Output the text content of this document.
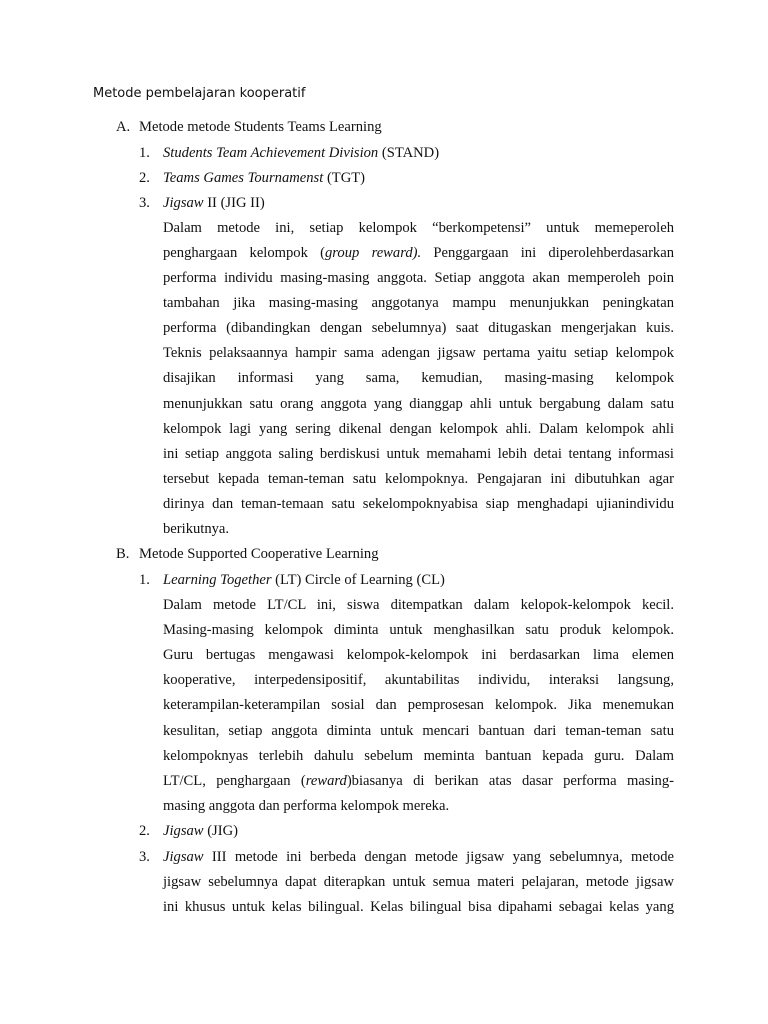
Metode pembelajaran kooperatif
A. Metode metode Students Teams Learning
1. Students Team Achievement Division (STAND)
2. Teams Games Tournamenst (TGT)
3. Jigsaw II (JIG II)
Dalam metode ini, setiap kelompok “berkompetensi” untuk memeperoleh
penghargaan kelompok (group reward). Penggargaan ini diperolehberdasarkan
performa individu masing-masing anggota. Setiap anggota akan memperoleh poin
tambahan jika masing-masing anggotanya mampu menunjukkan peningkatan
performa (dibandingkan dengan sebelumnya) saat ditugaskan mengerjakan kuis.
Teknis pelaksaannya hampir sama adengan jigsaw pertama yaitu setiap kelompok
disajikan informasi yang sama, kemudian, masing-masing kelompok
menunjukkan satu orang anggota yang dianggap ahli untuk bergabung dalam satu
kelompok lagi yang sering dikenal dengan kelompok ahli. Dalam kelompok ahli
ini setiap anggota saling berdiskusi untuk memahami lebih detai tentang informasi
tersebut kepada teman-teman satu kelompoknya. Pengajaran ini dibutuhkan agar
dirinya dan teman-temaan satu sekelompoknyabisa siap menghadapi ujianindividu
berikutnya.
B. Metode Supported Cooperative Learning
1. Learning Together (LT) Circle of Learning (CL)
Dalam metode LT/CL ini, siswa ditempatkan dalam kelopok-kelompok kecil.
Masing-masing kelompok diminta untuk menghasilkan satu produk kelompok.
Guru bertugas mengawasi kelompok-kelompok ini berdasarkan lima elemen
kooperative, interpedensipositif, akuntabilitas individu, interaksi langsung,
keterampilan-keterampilan sosial dan pemprosesan kelompok. Jika menemukan
kesulitan, setiap anggota diminta untuk mencari bantuan dari teman-teman satu
kelompoknyas terlebih dahulu sebelum meminta bantuan kepada guru. Dalam
LT/CL, penghargaan (reward)biasanya di berikan atas dasar performa masing-
masing anggota dan performa kelompok mereka.
2. Jigsaw (JIG)
3. Jigsaw III metode ini berbeda dengan metode jigsaw yang sebelumnya, metode
jigsaw sebelumnya dapat diterapkan untuk semua materi pelajaran, metode jigsaw
ini khusus untuk kelas bilingual. Kelas bilingual bisa dipahami sebagai kelas yang
